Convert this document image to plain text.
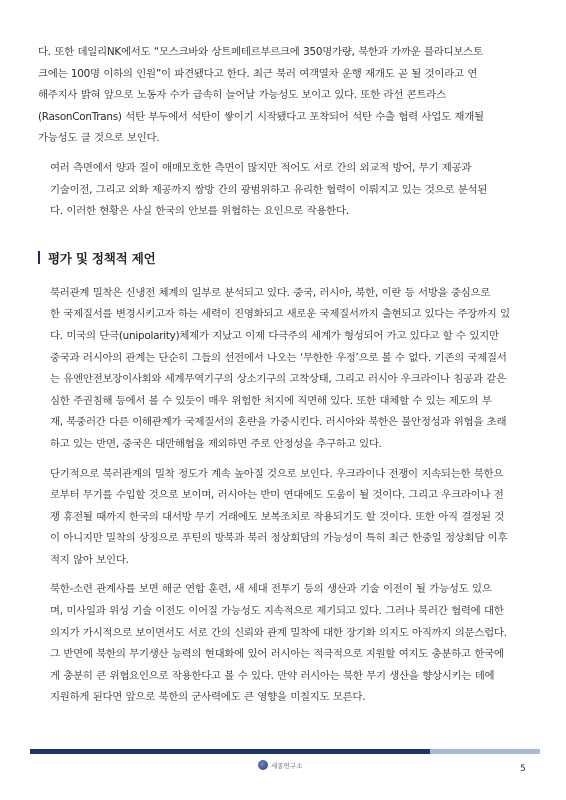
다. 또한 데일리NK에서도 “모스크바와 상트페테르부르크에 350명가량, 북한과 가까운 블라디보스토
크에는 100명 이하의 인원”이 파견됐다고 한다. 최근 북러 여객열차 운행 재개도 곧 될 것이라고 연
해주지사 밝혀 앞으로 노동자 수가 급속히 늘어날 가능성도 보이고 있다. 또한 라선 콘트라스
(RasonConTrans) 석탄 부두에서 석탄이 쌓이기 시작됐다고 포착되어 석탄 수출 협력 사업도 재개될
가능성도 클 것으로 보인다.

여러 측면에서 양과 질이 애매모호한 측면이 많지만 적어도 서로 간의 외교적 방어, 무기 제공과
기술이전, 그리고 외화 제공까지 쌍방 간의 광범위하고 유리한 협력이 이뤄지고 있는 것으로 분석된
다. 이러한 현황은 사실 한국의 안보를 위협하는 요인으로 작용한다.

평가 및 정책적 제언

북러관계 밀착은 신냉전 체계의 일부로 분석되고 있다. 중국, 러시아, 북한, 이란 등 서방을 중심으로
한 국제질서를 변경시키고자 하는 세력이 진영화되고 새로운 국제질서까지 출현되고 있다는 주장까지 있
다. 미국의 단극(unipolarity)체제가 지났고 이제 다극주의 세계가 형성되어 가고 있다고 할 수 있지만
중국과 러시아의 관계는 단순히 그들의 선전에서 나오는 ‘무한한 우정’으로 볼 수 없다. 기존의 국제질서
는 유엔안전보장이사회와 세계무역기구의 상소기구의 고착상태, 그리고 러시아 우크라이나 침공과 같은
심한 주권침해 등에서 볼 수 있듯이 매우 위험한 처지에 직면해 있다. 또한 대체할 수 있는 제도의 부
재, 북중러간 다른 이해관계가 국제질서의 혼란을 가중시킨다. 러시아와 북한은 불안정성과 위협을 초래
하고 있는 반면, 중국은 대만해협을 제외하면 주로 안정성을 추구하고 있다.

단기적으로 북러관계의 밀착 정도가 계속 높아질 것으로 보인다. 우크라이나 전쟁이 지속되는한 북한으
로부터 무기를 수입할 것으로 보이며, 러시아는 반미 연대에도 도움이 될 것이다. 그리고 우크라이나 전
쟁 휴전될 때까지 한국의 대서방 무기 거래에도 보복조치로 작용되기도 할 것이다. 또한 아직 결정된 것
이 아니지만 밀착의 상징으로 푸틴의 방북과 북러 정상회담의 가능성이 특히 최근 한중일 정상회담 이후
적지 않아 보인다.

북한-소련 관계사를 보면 해군 연합 훈련, 새 세대 전투기 등의 생산과 기술 이전이 될 가능성도 있으
며, 미사일과 위성 기술 이전도 이어질 가능성도 지속적으로 제기되고 있다. 그러나 북러간 협력에 대한
의지가 가시적으로 보이면서도 서로 간의 신뢰와 관계 밀착에 대한 장기화 의지도 아직까지 의문스럽다.
그 반면에 북한의 무기생산 능력의 현대화에 있어 러시아는 적극적으로 지원할 여지도 충분하고 한국에
게 충분히 큰 위협요인으로 작용한다고 볼 수 있다. 만약 러시아는 북한 무기 생산을 향상시키는 데에
지원하게 된다면 앞으로 북한의 군사력에도 큰 영향을 미칠지도 모른다.

세종연구소	5
